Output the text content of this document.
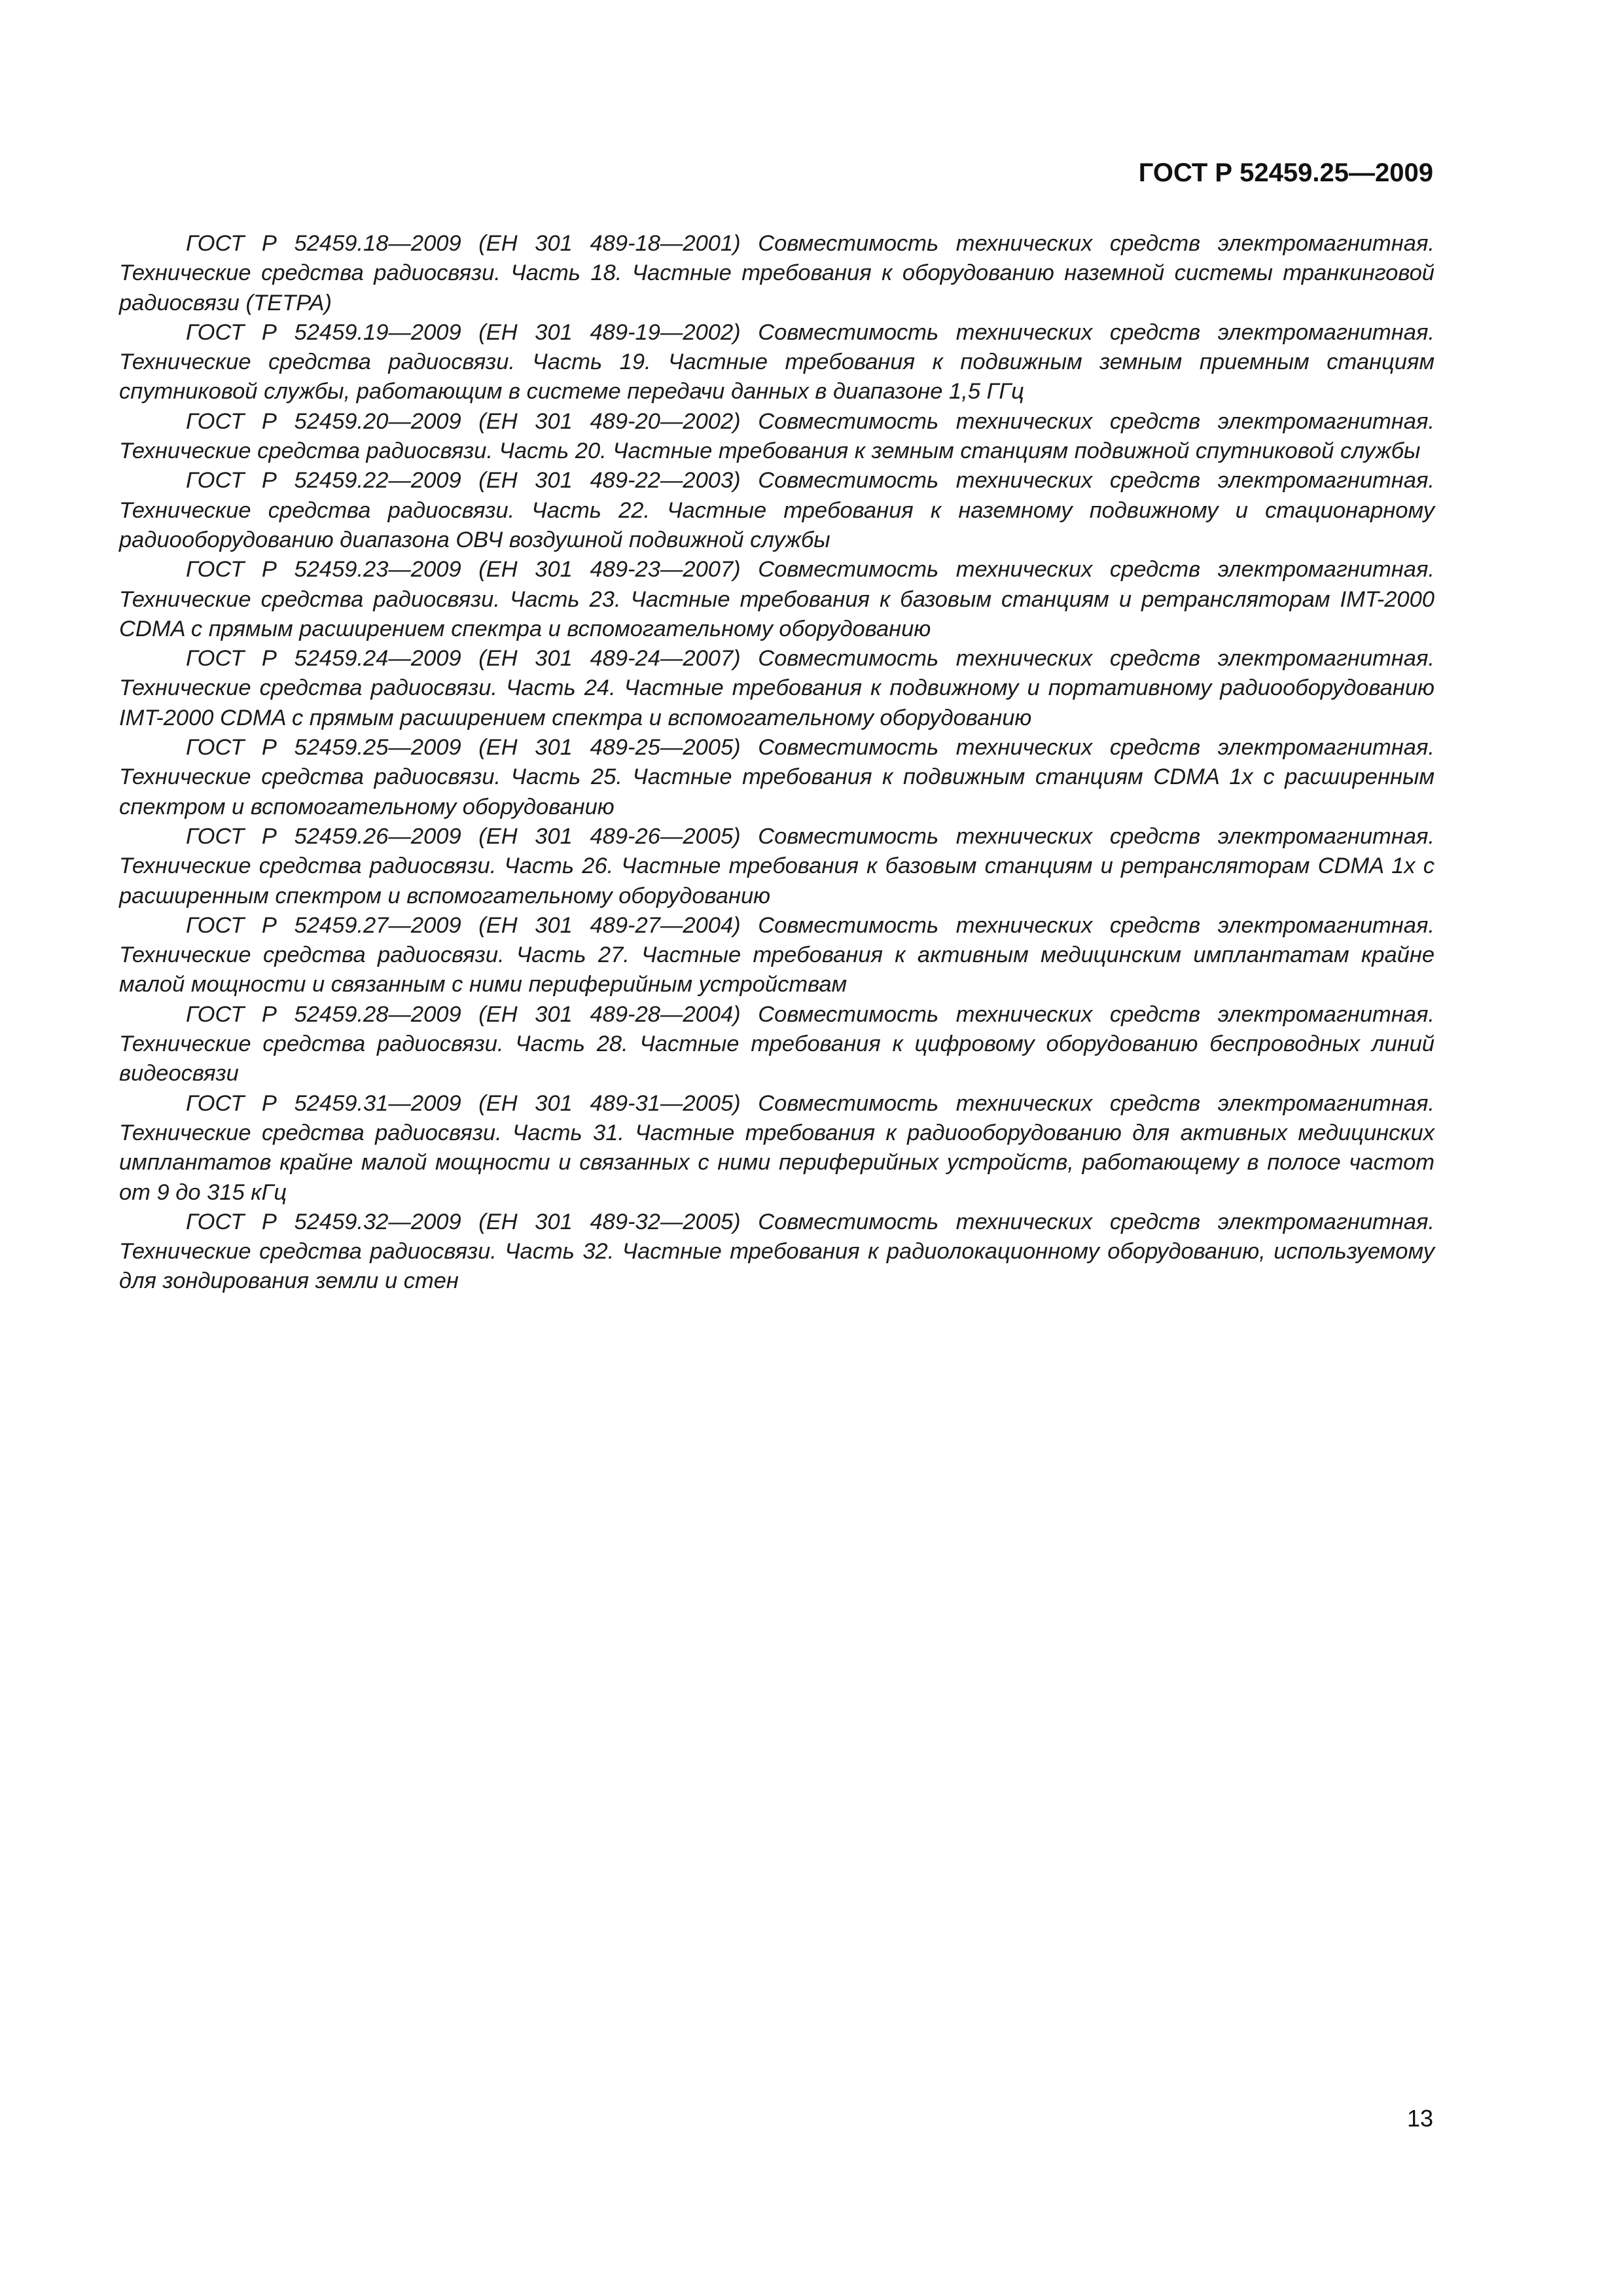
ГОСТ Р 52459.25—2009

ГОСТ Р 52459.18—2009 (ЕН 301 489-18—2001) Совместимость технических средств электромагнитная. Технические средства радиосвязи. Часть 18. Частные требования к оборудованию наземной системы транкинговой радиосвязи (ТЕТРА)

ГОСТ Р 52459.19—2009 (ЕН 301 489-19—2002) Совместимость технических средств электромагнитная. Технические средства радиосвязи. Часть 19. Частные требования к подвижным земным приемным станциям спутниковой службы, работающим в системе передачи данных в диапазоне 1,5 ГГц

ГОСТ Р 52459.20—2009 (ЕН 301 489-20—2002) Совместимость технических средств электромагнитная. Технические средства радиосвязи. Часть 20. Частные требования к земным станциям подвижной спутниковой службы

ГОСТ Р 52459.22—2009 (ЕН 301 489-22—2003) Совместимость технических средств электромагнитная. Технические средства радиосвязи. Часть 22. Частные требования к наземному подвижному и стационарному радиооборудованию диапазона ОВЧ воздушной подвижной службы

ГОСТ Р 52459.23—2009 (ЕН 301 489-23—2007) Совместимость технических средств электромагнитная. Технические средства радиосвязи. Часть 23. Частные требования к базовым станциям и ретрансляторам IMT-2000 CDMA с прямым расширением спектра и вспомогательному оборудованию

ГОСТ Р 52459.24—2009 (ЕН 301 489-24—2007) Совместимость технических средств электромагнитная. Технические средства радиосвязи. Часть 24. Частные требования к подвижному и портативному радиооборудованию IMT-2000 CDMA с прямым расширением спектра и вспомогательному оборудованию

ГОСТ Р 52459.25—2009 (ЕН 301 489-25—2005) Совместимость технических средств электромагнитная. Технические средства радиосвязи. Часть 25. Частные требования к подвижным станциям CDMA 1x с расширенным спектром и вспомогательному оборудованию

ГОСТ Р 52459.26—2009 (ЕН 301 489-26—2005) Совместимость технических средств электромагнитная. Технические средства радиосвязи. Часть 26. Частные требования к базовым станциям и ретрансляторам CDMA 1x с расширенным спектром и вспомогательному оборудованию

ГОСТ Р 52459.27—2009 (ЕН 301 489-27—2004) Совместимость технических средств электромагнитная. Технические средства радиосвязи. Часть 27. Частные требования к активным медицинским имплантатам крайне малой мощности и связанным с ними периферийным устройствам

ГОСТ Р 52459.28—2009 (ЕН 301 489-28—2004) Совместимость технических средств электромагнитная. Технические средства радиосвязи. Часть 28. Частные требования к цифровому оборудованию беспроводных линий видеосвязи

ГОСТ Р 52459.31—2009 (ЕН 301 489-31—2005) Совместимость технических средств электромагнитная. Технические средства радиосвязи. Часть 31. Частные требования к радиооборудованию для активных медицинских имплантатов крайне малой мощности и связанных с ними периферийных устройств, работающему в полосе частот от 9 до 315 кГц

ГОСТ Р 52459.32—2009 (ЕН 301 489-32—2005) Совместимость технических средств электромагнитная. Технические средства радиосвязи. Часть 32. Частные требования к радиолокационному оборудованию, используемому для зондирования земли и стен

13
